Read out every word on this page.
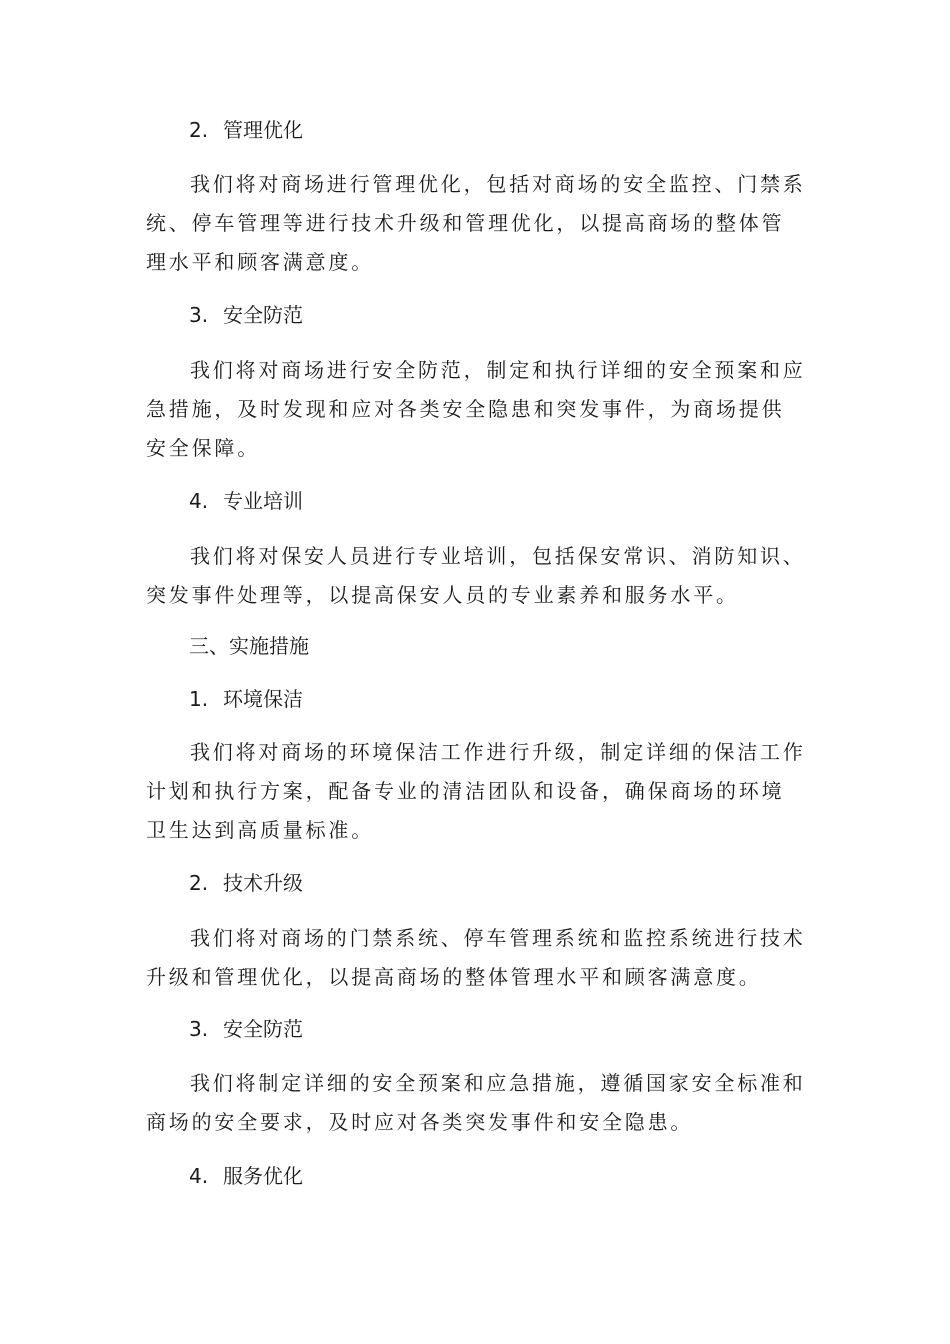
2. 管理优化
我们将对商场进行管理优化，包括对商场的安全监控、门禁系统、停车管理等进行技术升级和管理优化，以提高商场的整体管理水平和顾客满意度。
3. 安全防范
我们将对商场进行安全防范，制定和执行详细的安全预案和应急措施，及时发现和应对各类安全隐患和突发事件，为商场提供安全保障。
4. 专业培训
我们将对保安人员进行专业培训，包括保安常识、消防知识、突发事件处理等，以提高保安人员的专业素养和服务水平。
三、实施措施
1. 环境保洁
我们将对商场的环境保洁工作进行升级，制定详细的保洁工作计划和执行方案，配备专业的清洁团队和设备，确保商场的环境卫生达到高质量标准。
2. 技术升级
我们将对商场的门禁系统、停车管理系统和监控系统进行技术升级和管理优化，以提高商场的整体管理水平和顾客满意度。
3. 安全防范
我们将制定详细的安全预案和应急措施，遵循国家安全标准和商场的安全要求，及时应对各类突发事件和安全隐患。
4. 服务优化
